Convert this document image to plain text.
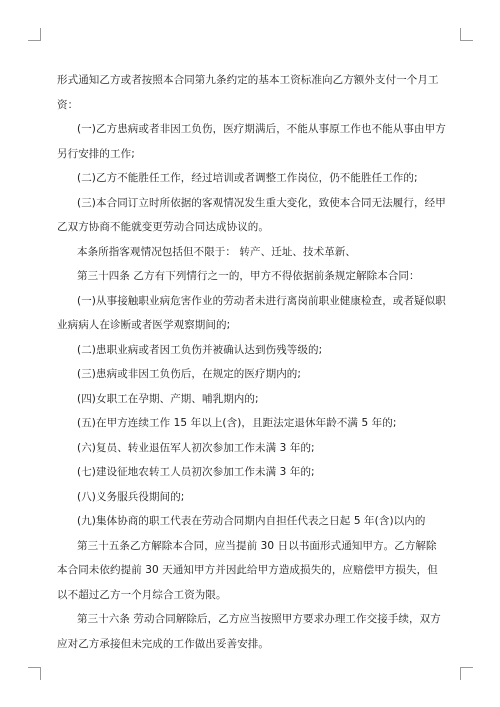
形式通知乙方或者按照本合同第九条约定的基本工资标准向乙方额外支付一个月工资：

(一)乙方患病或者非因工负伤，医疗期满后，不能从事原工作也不能从事由甲方另行安排的工作;

(二)乙方不能胜任工作，经过培训或者调整工作岗位，仍不能胜任工作的;

(三)本合同订立时所依据的客观情况发生重大变化，致使本合同无法履行，经甲乙双方协商不能就变更劳动合同达成协议的。

本条所指客观情况包括但不限于： 转产、迁址、技术革新、

第三十四条 乙方有下列情行之一的，甲方不得依据前条规定解除本合同：

(一)从事接触职业病危害作业的劳动者未进行离岗前职业健康检查，或者疑似职业病病人在诊断或者医学观察期间的;

(二)患职业病或者因工负伤并被确认达到伤残等级的;

(三)患病或非因工负伤后，在规定的医疗期内的;

(四)女职工在孕期、产期、哺乳期内的;

(五)在甲方连续工作 15 年以上(含)，且距法定退休年龄不满 5 年的;

(六)复员、转业退伍军人初次参加工作未满 3 年的;

(七)建设征地农转工人员初次参加工作未满 3 年的;

(八)义务服兵役期间的;

(九)集体协商的职工代表在劳动合同期内自担任代表之日起 5 年(含)以内的

第三十五条乙方解除本合同，应当提前 30 日以书面形式通知甲方。乙方解除本合同未依约提前 30 天通知甲方并因此给甲方造成损失的，应赔偿甲方损失，但以不超过乙方一个月综合工资为限。

第三十六条 劳动合同解除后，乙方应当按照甲方要求办理工作交接手续，双方应对乙方承接但未完成的工作做出妥善安排。
